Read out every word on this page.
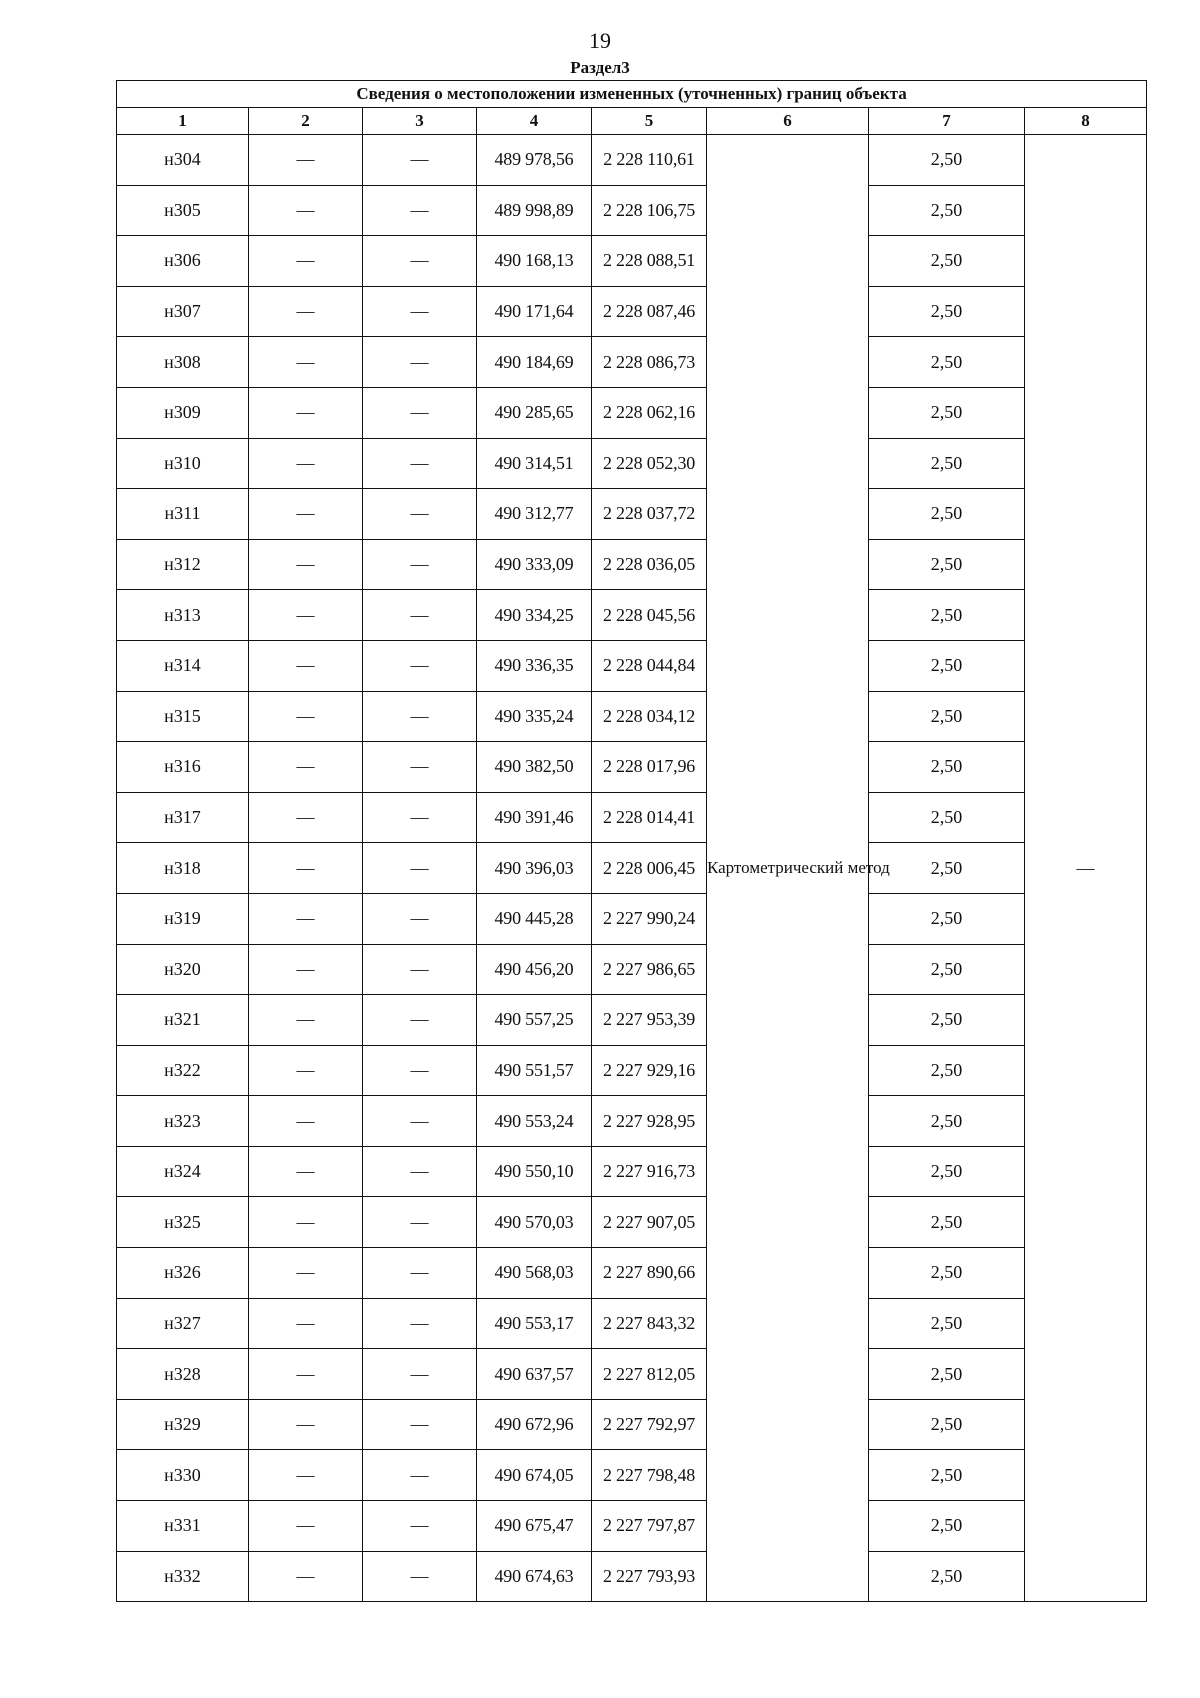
19
Раздел3
Сведения о местоположении измененных (уточненных) границ объекта							
1	2	3	4	5	6	7	8
н304	—	—	489 978,56	2 228 110,61	Картометрический метод	2,50	—
н305	—	—	489 998,89	2 228 106,75		2,50	
н306	—	—	490 168,13	2 228 088,51		2,50	
н307	—	—	490 171,64	2 228 087,46		2,50	
н308	—	—	490 184,69	2 228 086,73		2,50	
н309	—	—	490 285,65	2 228 062,16		2,50	
н310	—	—	490 314,51	2 228 052,30		2,50	
н311	—	—	490 312,77	2 228 037,72		2,50	
н312	—	—	490 333,09	2 228 036,05		2,50	
н313	—	—	490 334,25	2 228 045,56		2,50	
н314	—	—	490 336,35	2 228 044,84		2,50	
н315	—	—	490 335,24	2 228 034,12		2,50	
н316	—	—	490 382,50	2 228 017,96		2,50	
н317	—	—	490 391,46	2 228 014,41		2,50	
н318	—	—	490 396,03	2 228 006,45		2,50	
н319	—	—	490 445,28	2 227 990,24		2,50	
н320	—	—	490 456,20	2 227 986,65		2,50	
н321	—	—	490 557,25	2 227 953,39		2,50	
н322	—	—	490 551,57	2 227 929,16		2,50	
н323	—	—	490 553,24	2 227 928,95		2,50	
н324	—	—	490 550,10	2 227 916,73		2,50	
н325	—	—	490 570,03	2 227 907,05		2,50	
н326	—	—	490 568,03	2 227 890,66		2,50	
н327	—	—	490 553,17	2 227 843,32		2,50	
н328	—	—	490 637,57	2 227 812,05		2,50	
н329	—	—	490 672,96	2 227 792,97		2,50	
н330	—	—	490 674,05	2 227 798,48		2,50	
н331	—	—	490 675,47	2 227 797,87		2,50	
н332	—	—	490 674,63	2 227 793,93		2,50	
